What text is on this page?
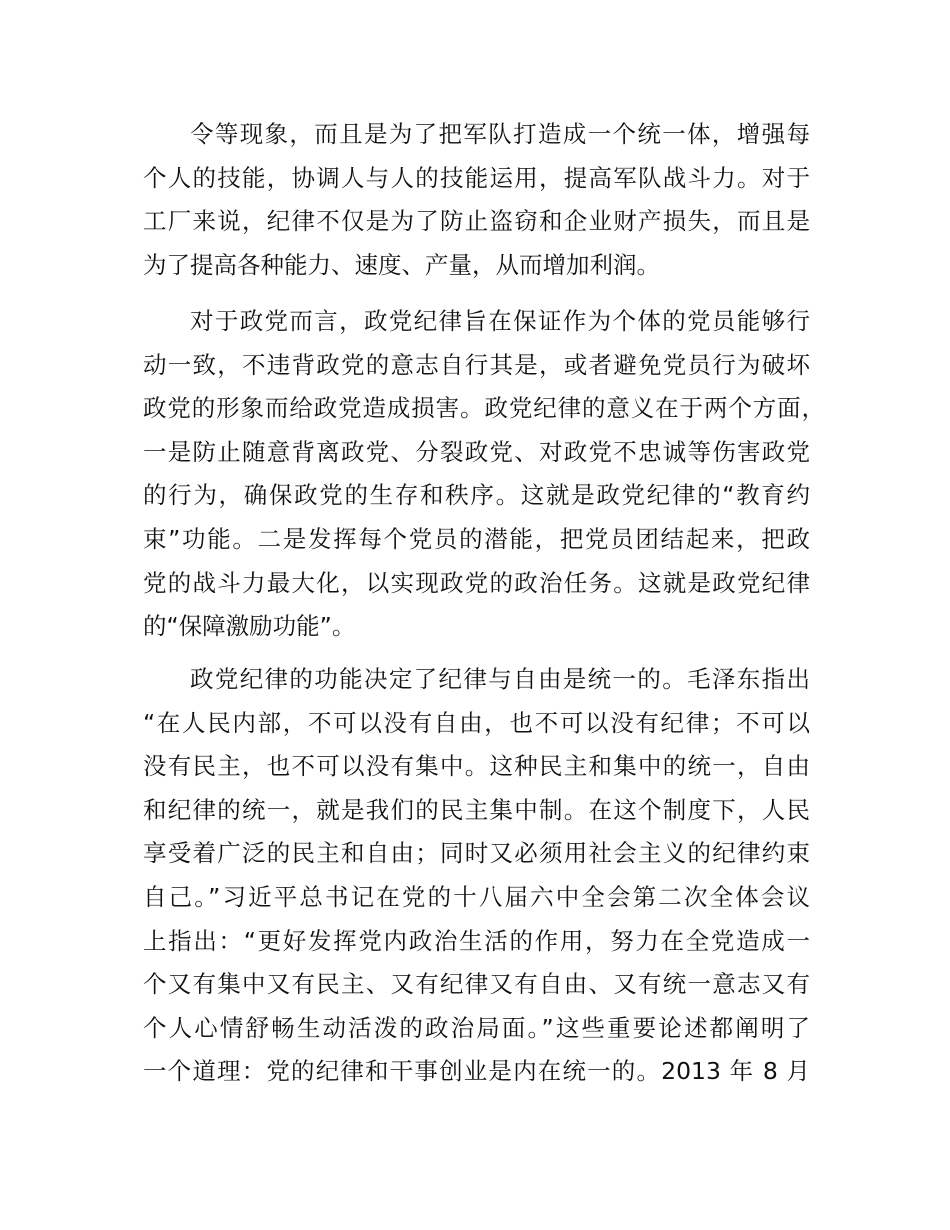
令等现象，而且是为了把军队打造成一个统一体，增强每
个人的技能，协调人与人的技能运用，提高军队战斗力。对于
工厂来说，纪律不仅是为了防止盗窃和企业财产损失，而且是
为了提高各种能力、速度、产量，从而增加利润。
对于政党而言，政党纪律旨在保证作为个体的党员能够行
动一致，不违背政党的意志自行其是，或者避免党员行为破坏
政党的形象而给政党造成损害。政党纪律的意义在于两个方面，
一是防止随意背离政党、分裂政党、对政党不忠诚等伤害政党
的行为，确保政党的生存和秩序。这就是政党纪律的“教育约
束”功能。二是发挥每个党员的潜能，把党员团结起来，把政
党的战斗力最大化，以实现政党的政治任务。这就是政党纪律
的“保障激励功能”。
政党纪律的功能决定了纪律与自由是统一的。毛泽东指出
“在人民内部，不可以没有自由，也不可以没有纪律；不可以
没有民主，也不可以没有集中。这种民主和集中的统一，自由
和纪律的统一，就是我们的民主集中制。在这个制度下，人民
享受着广泛的民主和自由；同时又必须用社会主义的纪律约束
自己。”习近平总书记在党的十八届六中全会第二次全体会议
上指出：“更好发挥党内政治生活的作用，努力在全党造成一
个又有集中又有民主、又有纪律又有自由、又有统一意志又有
个人心情舒畅生动活泼的政治局面。”这些重要论述都阐明了
一个道理：党的纪律和干事创业是内在统一的。2013 年 8 月
